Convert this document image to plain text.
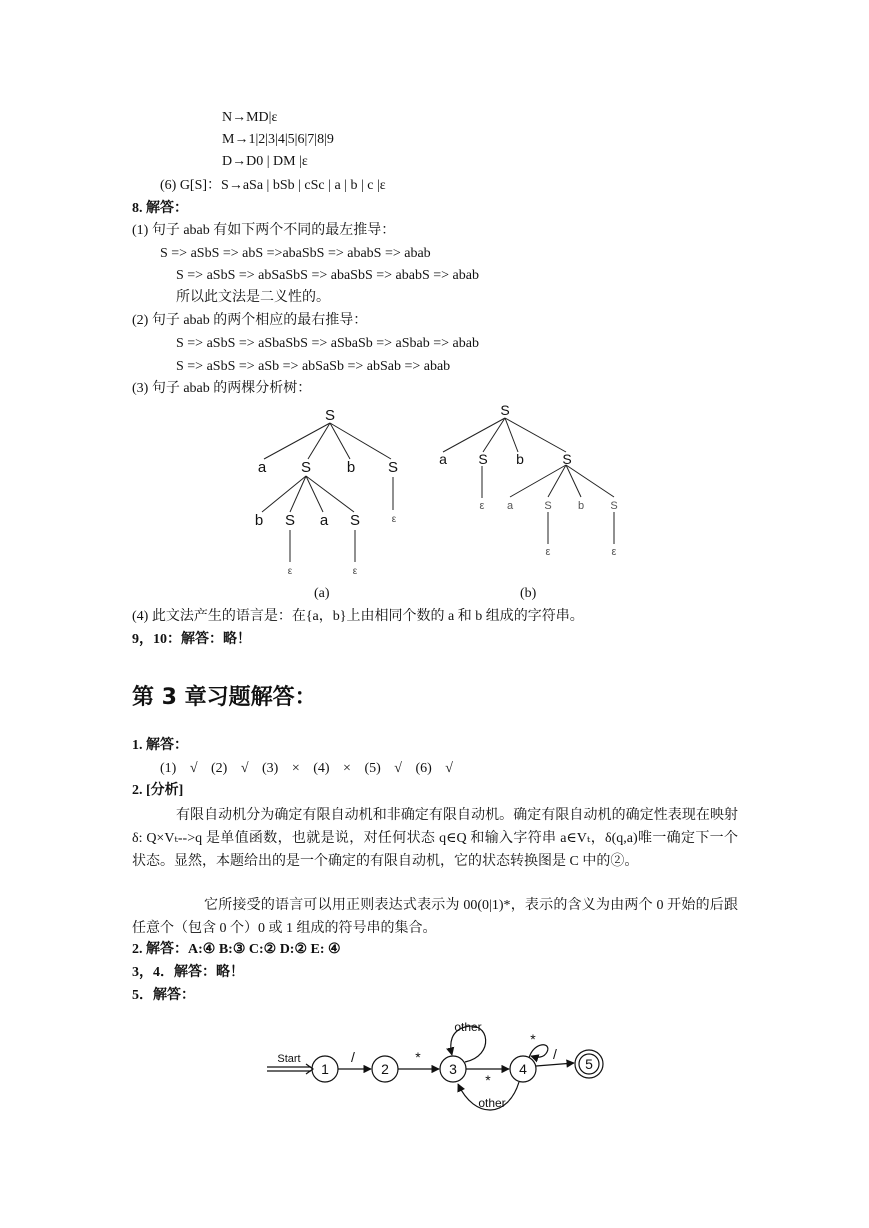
N→MD|ε
M→1|2|3|4|5|6|7|8|9
D→D0 | DM |ε
(6) G[S]：S→aSa | bSb | cSc | a | b | c |ε
8. 解答：
(1) 句子 abab 有如下两个不同的最左推导：
S => aSbS => abS =>abaSbS => ababS => abab
S => aSbS => abSaSbS => abaSbS => ababS => abab
所以此文法是二义性的。
(2) 句子 abab 的两个相应的最右推导：
S => aSbS => aSbaSbS => aSbaSb => aSbab => abab
S => aSbS => aSb => abSaSb => abSab => abab
(3) 句子 abab 的两棵分析树：
S
a S b S
b S a S	ε
ε	ε
S
a S b	S
a	S b S
ε
ε	ε
(a)	(b)
(4) 此文法产生的语言是：在{a，b}上由相同个数的 a 和 b 组成的字符串。
9，10：解答：略！
第 3 章习题解答：
1. 解答：
(1) √ (2) √ (3) × (4) × (5) √ (6) √
2. [分析]
有限自动机分为确定有限自动机和非确定有限自动机。确定有限自动机的确定性表现在映射δ: Q×Vₜ-->q 是单值函数，也就是说，对任何状态 q∈Q 和输入字符串 a∈Vₜ，δ(q,a)唯一确定下一个状态。显然，本题给出的是一个确定的有限自动机，它的状态转换图是 C 中的②。
它所接受的语言可以用正则表达式表示为 00(0|1)*，表示的含义为由两个 0 开始的后跟任意个（包含 0 个）0 或 1 组成的符号串的集合。
2. 解答：A:④ B:③ C:② D:② E: ④
3，4．解答：略！
5．解答：
Start
1	2	3	4	5
/	*
other
*
*
/
other
